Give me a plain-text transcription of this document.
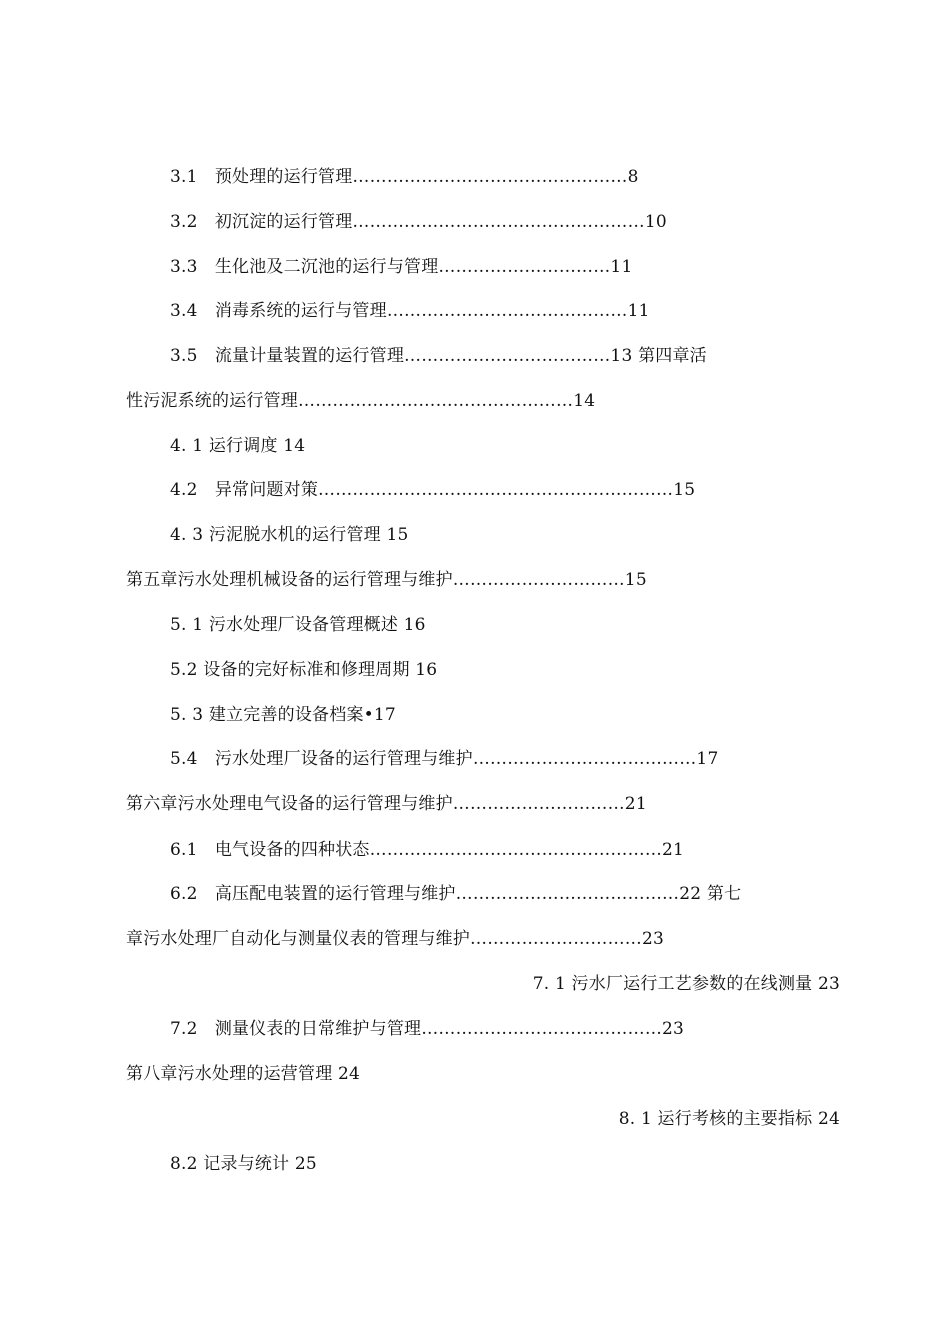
3.1　预处理的运行管理…………………………………………8
3.2　初沉淀的运行管理……………………………………………10
3.3　生化池及二沉池的运行与管理…………………………11
3.4　消毒系统的运行与管理……………………………………11
3.5　流量计量装置的运行管理………………………………13 第四章活
性污泥系统的运行管理…………………………………………14
4. 1 运行调度 14
4.2　异常问题对策…………………………..…………………………15
4. 3 污泥脱水机的运行管理 15
第五章污水处理机械设备的运行管理与维护…………………………15
5. 1 污水处理厂设备管理概述 16
5.2 设备的完好标准和修理周期 16
5. 3 建立完善的设备档案•17
5.4　污水处理厂设备的运行管理与维护…………………………………17
第六章污水处理电气设备的运行管理与维护…………………………21
6.1　电气设备的四种状态……………………………………………21
6.2　高压配电装置的运行管理与维护…………………………………22 第七
章污水处理厂自动化与测量仪表的管理与维护…………………………23
7. 1 污水厂运行工艺参数的在线测量 23
7.2　测量仪表的日常维护与管理……………………………………23
第八章污水处理的运营管理 24
8. 1 运行考核的主要指标 24
8.2 记录与统计 25
